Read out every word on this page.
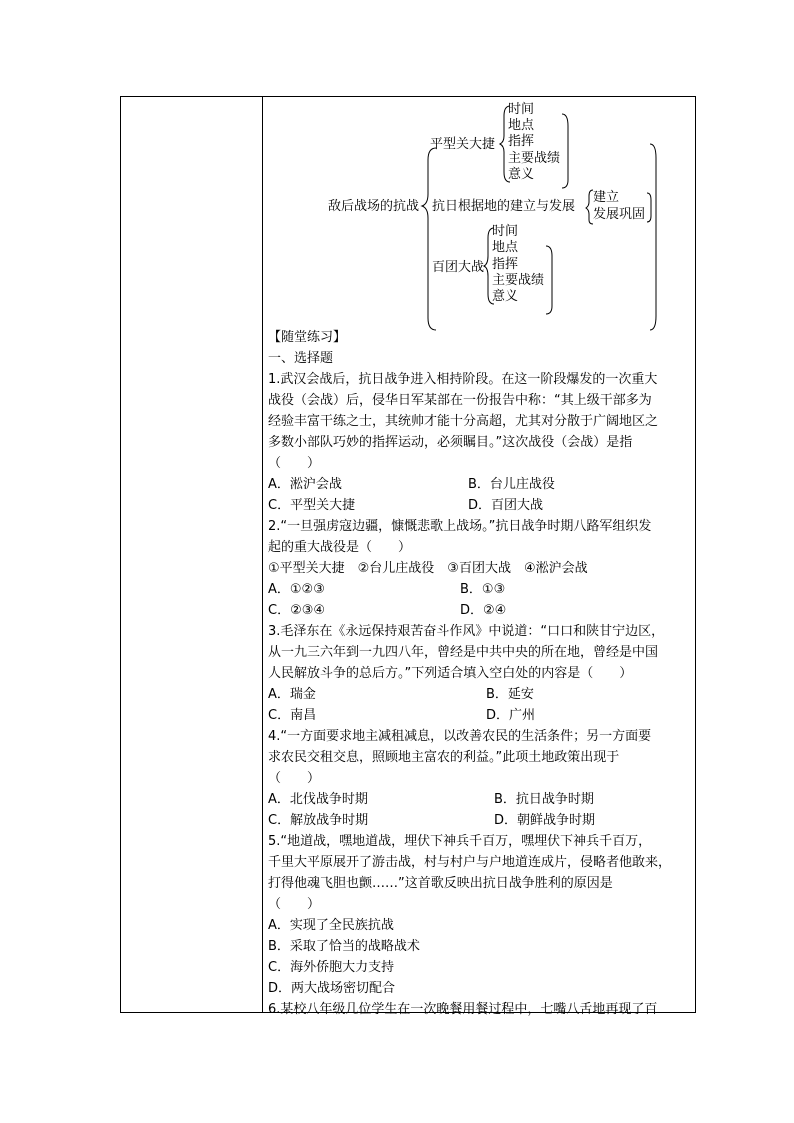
敌后战场的抗战
平型关大捷
时间
地点
指挥
主要战绩
意义
抗日根据地的建立与发展
建立
发展巩固
百团大战
时间
地点
指挥
主要战绩
意义
【随堂练习】
一、选择题
1.武汉会战后，抗日战争进入相持阶段。在这一阶段爆发的一次重大
战役（会战）后，侵华日军某部在一份报告中称：“其上级干部多为
经验丰富干练之士，其统帅才能十分高超，尤其对分散于广阔地区之
多数小部队巧妙的指挥运动，必须瞩目。”这次战役（会战）是指
（　　）
A．淞沪会战	B．台儿庄战役
C．平型关大捷	D．百团大战
2.“一旦强虏寇边疆，慷慨悲歌上战场。”抗日战争时期八路军组织发
起的重大战役是（　　）
①平型关大捷　②台儿庄战役　③百团大战　④淞沪会战
A．①②③	B．①③
C．②③④	D．②④
3.毛泽东在《永远保持艰苦奋斗作风》中说道：“口口和陕甘宁边区，
从一九三六年到一九四八年，曾经是中共中央的所在地，曾经是中国
人民解放斗争的总后方。”下列适合填入空白处的内容是（　　）
A．瑞金	B．延安
C．南昌	D．广州
4.“一方面要求地主减租减息，以改善农民的生活条件；另一方面要
求农民交租交息，照顾地主富农的利益。”此项土地政策出现于
（　　）
A．北伐战争时期	B．抗日战争时期
C．解放战争时期	D．朝鲜战争时期
5.“地道战，嘿地道战，埋伏下神兵千百万，嘿埋伏下神兵千百万，
千里大平原展开了游击战，村与村户与户地道连成片，侵略者他敢来，
打得他魂飞胆也颤……”这首歌反映出抗日战争胜利的原因是
（　　）
A．实现了全民族抗战
B．采取了恰当的战略战术
C．海外侨胞大力支持
D．两大战场密切配合
6.某校八年级几位学生在一次晚餐用餐过程中，七嘴八舌地再现了百
